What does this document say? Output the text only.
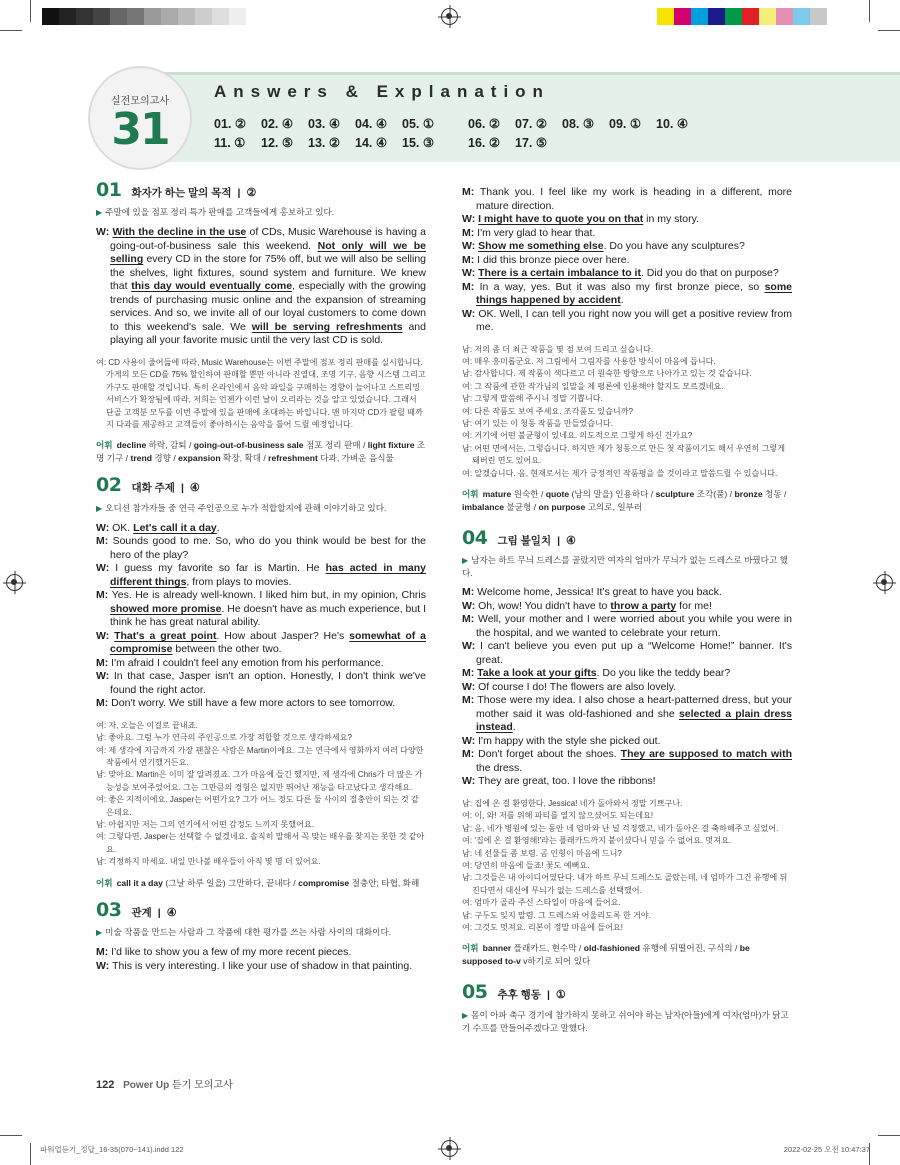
실전모의고사
31
Answers & Explanation
01. ② 02. ④ 03. ④ 04. ④ 05. ①	06. ② 07. ② 08. ③ 09. ① 10. ④
11. ① 12. ⑤ 13. ② 14. ④ 15. ③	16. ② 17. ⑤
01 화자가 하는 말의 목적 | ②
▶ 주말에 있을 점포 정리 특가 판매를 고객들에게 홍보하고 있다.
W: With the decline in the use of CDs, Music Warehouse is having a going-out-of-business sale this weekend. Not only will we be selling every CD in the store for 75% off, but we will also be selling the shelves, light fixtures, sound system and furniture. We knew that this day would eventually come, especially with the growing trends of purchasing music online and the expansion of streaming services. And so, we invite all of our loyal customers to come down to this weekend's sale. We will be serving refreshments and playing all your favorite music until the very last CD is sold.
여: CD 사용이 줄어듦에 따라, Music Warehouse는 이번 주말에 점포 정리 판매를 실시합니다. 가게의 모든 CD를 75% 할인하여 판매할 뿐만 아니라 진열대, 조명 기구, 음향 시스템 그리고 가구도 판매할 것입니다. 특히 온라인에서 음악 파일을 구매하는 경향이 늘어나고 스트리밍 서비스가 확장됨에 따라, 저희는 언젠가 이런 날이 오리라는 것을 알고 있었습니다. 그래서 단골 고객분 모두를 이번 주말에 있을 판매에 초대하는 바입니다. 맨 마지막 CD가 팔릴 때까지 다과를 제공하고 고객들이 좋아하시는 음악을 틀어 드릴 예정입니다.
어휘 decline 하락, 감퇴 / going-out-of-business sale 점포 정리 판매 / light fixture 조명 기구 / trend 경향 / expansion 확장, 확대 / refreshment 다과, 가벼운 음식물
02 대화 주제 | ④
▶ 오디션 참가자들 중 연극 주인공으로 누가 적합할지에 관해 이야기하고 있다.
W: OK. Let's call it a day.
M: Sounds good to me. So, who do you think would be best for the hero of the play?
W: I guess my favorite so far is Martin. He has acted in many different things, from plays to movies.
M: Yes. He is already well-known. I liked him but, in my opinion, Chris showed more promise. He doesn't have as much experience, but I think he has great natural ability.
W: That's a great point. How about Jasper? He's somewhat of a compromise between the other two.
M: I'm afraid I couldn't feel any emotion from his performance.
W: In that case, Jasper isn't an option. Honestly, I don't think we've found the right actor.
M: Don't worry. We still have a few more actors to see tomorrow.
여: 자, 오늘은 이걸로 끝내죠.
남: 좋아요. 그럼 누가 연극의 주인공으로 가장 적합할 것으로 생각하세요?
여: 제 생각에 지금까지 가장 괜찮은 사람은 Martin이에요. 그는 연극에서 영화까지 여러 다양한 작품에서 연기했거든요.
남: 맞아요. Martin은 이미 잘 알려졌죠. 그가 마음에 들긴 했지만, 제 생각에 Chris가 더 많은 가능성을 보여주었어요. 그는 그만큼의 경험은 없지만 뛰어난 재능을 타고났다고 생각해요.
여: 좋은 지적이에요. Jasper는 어떤가요? 그가 어느 정도 다른 둘 사이의 절충안이 되는 것 같은데요.
남: 아쉽지만 저는 그의 연기에서 어떤 감정도 느끼지 못했어요.
여: 그렇다면, Jasper는 선택할 수 없겠네요. 솔직히 말해서 꼭 맞는 배우를 찾지는 못한 것 같아요.
남: 걱정하지 마세요. 내일 만나볼 배우들이 아직 몇 명 더 있어요.
어휘 call it a day (그날 하루 일을) 그만하다, 끝내다 / compromise 절충안; 타협, 화해
03 관계 | ④
▶ 미술 작품을 만드는 사람과 그 작품에 대한 평가를 쓰는 사람 사이의 대화이다.
M: I'd like to show you a few of my more recent pieces.
W: This is very interesting. I like your use of shadow in that painting.
M: Thank you. I feel like my work is heading in a different, more mature direction.
W: I might have to quote you on that in my story.
M: I'm very glad to hear that.
W: Show me something else. Do you have any sculptures?
M: I did this bronze piece over here.
W: There is a certain imbalance to it. Did you do that on purpose?
M: In a way, yes. But it was also my first bronze piece, so some things happened by accident.
W: OK. Well, I can tell you right now you will get a positive review from me.
남: 저의 좀 더 최근 작품을 몇 점 보여 드리고 싶습니다.
여: 매우 흥미롭군요. 저 그림에서 그림자를 사용한 방식이 마음에 듭니다.
남: 감사합니다. 제 작품이 색다르고 더 원숙한 방향으로 나아가고 있는 것 같습니다.
여: 그 작품에 관한 작가님의 일말을 제 평론에 인용해야 할지도 모르겠네요.
남: 그렇게 말씀해 주시니 정말 기쁩니다.
여: 다른 작품도 보여 주세요. 조각품도 있습니까?
남: 여기 있는 이 청동 작품을 만들었습니다.
여: 거기에 어떤 불균형이 있네요. 의도적으로 그렇게 하신 건가요?
남: 어떤 면에서는, 그렇습니다. 하지만 제가 청동으로 만든 첫 작품이기도 해서 우연히 그렇게 돼버린 면도 있어요.
여: 알겠습니다. 음, 현재로서는 제가 긍정적인 작품평을 쓸 것이라고 말씀드릴 수 있습니다.
어휘 mature 원숙한 / quote (남의 말을) 인용하다 / sculpture 조각(품) / bronze 청동 / imbalance 불균형 / on purpose 고의로, 일부러
04 그림 불일치 | ④
▶ 남자는 하트 무늬 드레스를 골랐지만 여자의 엄마가 무늬가 없는 드레스로 바꿨다고 했다.
M: Welcome home, Jessica! It's great to have you back.
W: Oh, wow! You didn't have to throw a party for me!
M: Well, your mother and I were worried about you while you were in the hospital, and we wanted to celebrate your return.
W: I can't believe you even put up a “Welcome Home!” banner. It's great.
M: Take a look at your gifts. Do you like the teddy bear?
W: Of course I do! The flowers are also lovely.
M: Those were my idea. I also chose a heart-patterned dress, but your mother said it was old-fashioned and she selected a plain dress instead.
W: I'm happy with the style she picked out.
M: Don't forget about the shoes. They are supposed to match with the dress.
W: They are great, too. I love the ribbons!
남: 집에 온 걸 환영한다, Jessica! 네가 돌아와서 정말 기쁘구나.
여: 이, 와! 저를 위해 파티를 열지 않으셨어도 되는데요!
남: 음, 네가 병원에 있는 동안 네 엄마와 난 널 걱정했고, 네가 돌아온 걸 축하해주고 싶었어.
여: '집에 온 걸 환영해!'라는 플래카드까지 붙이셨다니 믿을 수 없어요. 멋져요.
남: 네 선물들 좀 보렴. 곰 인형이 마음에 드니?
여: 당연히 마음에 들죠! 꽃도 예뻐요.
남: 그것들은 내 아이디어였단다. 내가 하트 무늬 드레스도 골랐는데, 네 엄마가 그건 유행에 뒤진다면서 대신에 무늬가 없는 드레스를 선택했어.
여: 엄마가 골라 주신 스타일이 마음에 들어요.
남: 구두도 잊지 말렴. 그 드레스와 어울리도록 한 거야.
여: 그것도 멋져요. 리본이 정말 마음에 들어요!
어휘 banner 플래카드, 현수막 / old-fashioned 유행에 뒤떨어진, 구식의 / be supposed to-v v하기로 되어 있다
05 추후 행동 | ①
▶ 몸이 아파 축구 경기에 참가하지 못하고 쉬어야 하는 남자(아들)에게 여자(엄마)가 닭고기 수프를 만들어주겠다고 말했다.
122 Power Up 듣기 모의고사
파워업듣기_정답_16-35(070~141).indd 122	2022-02-25 오전 10:47:37
